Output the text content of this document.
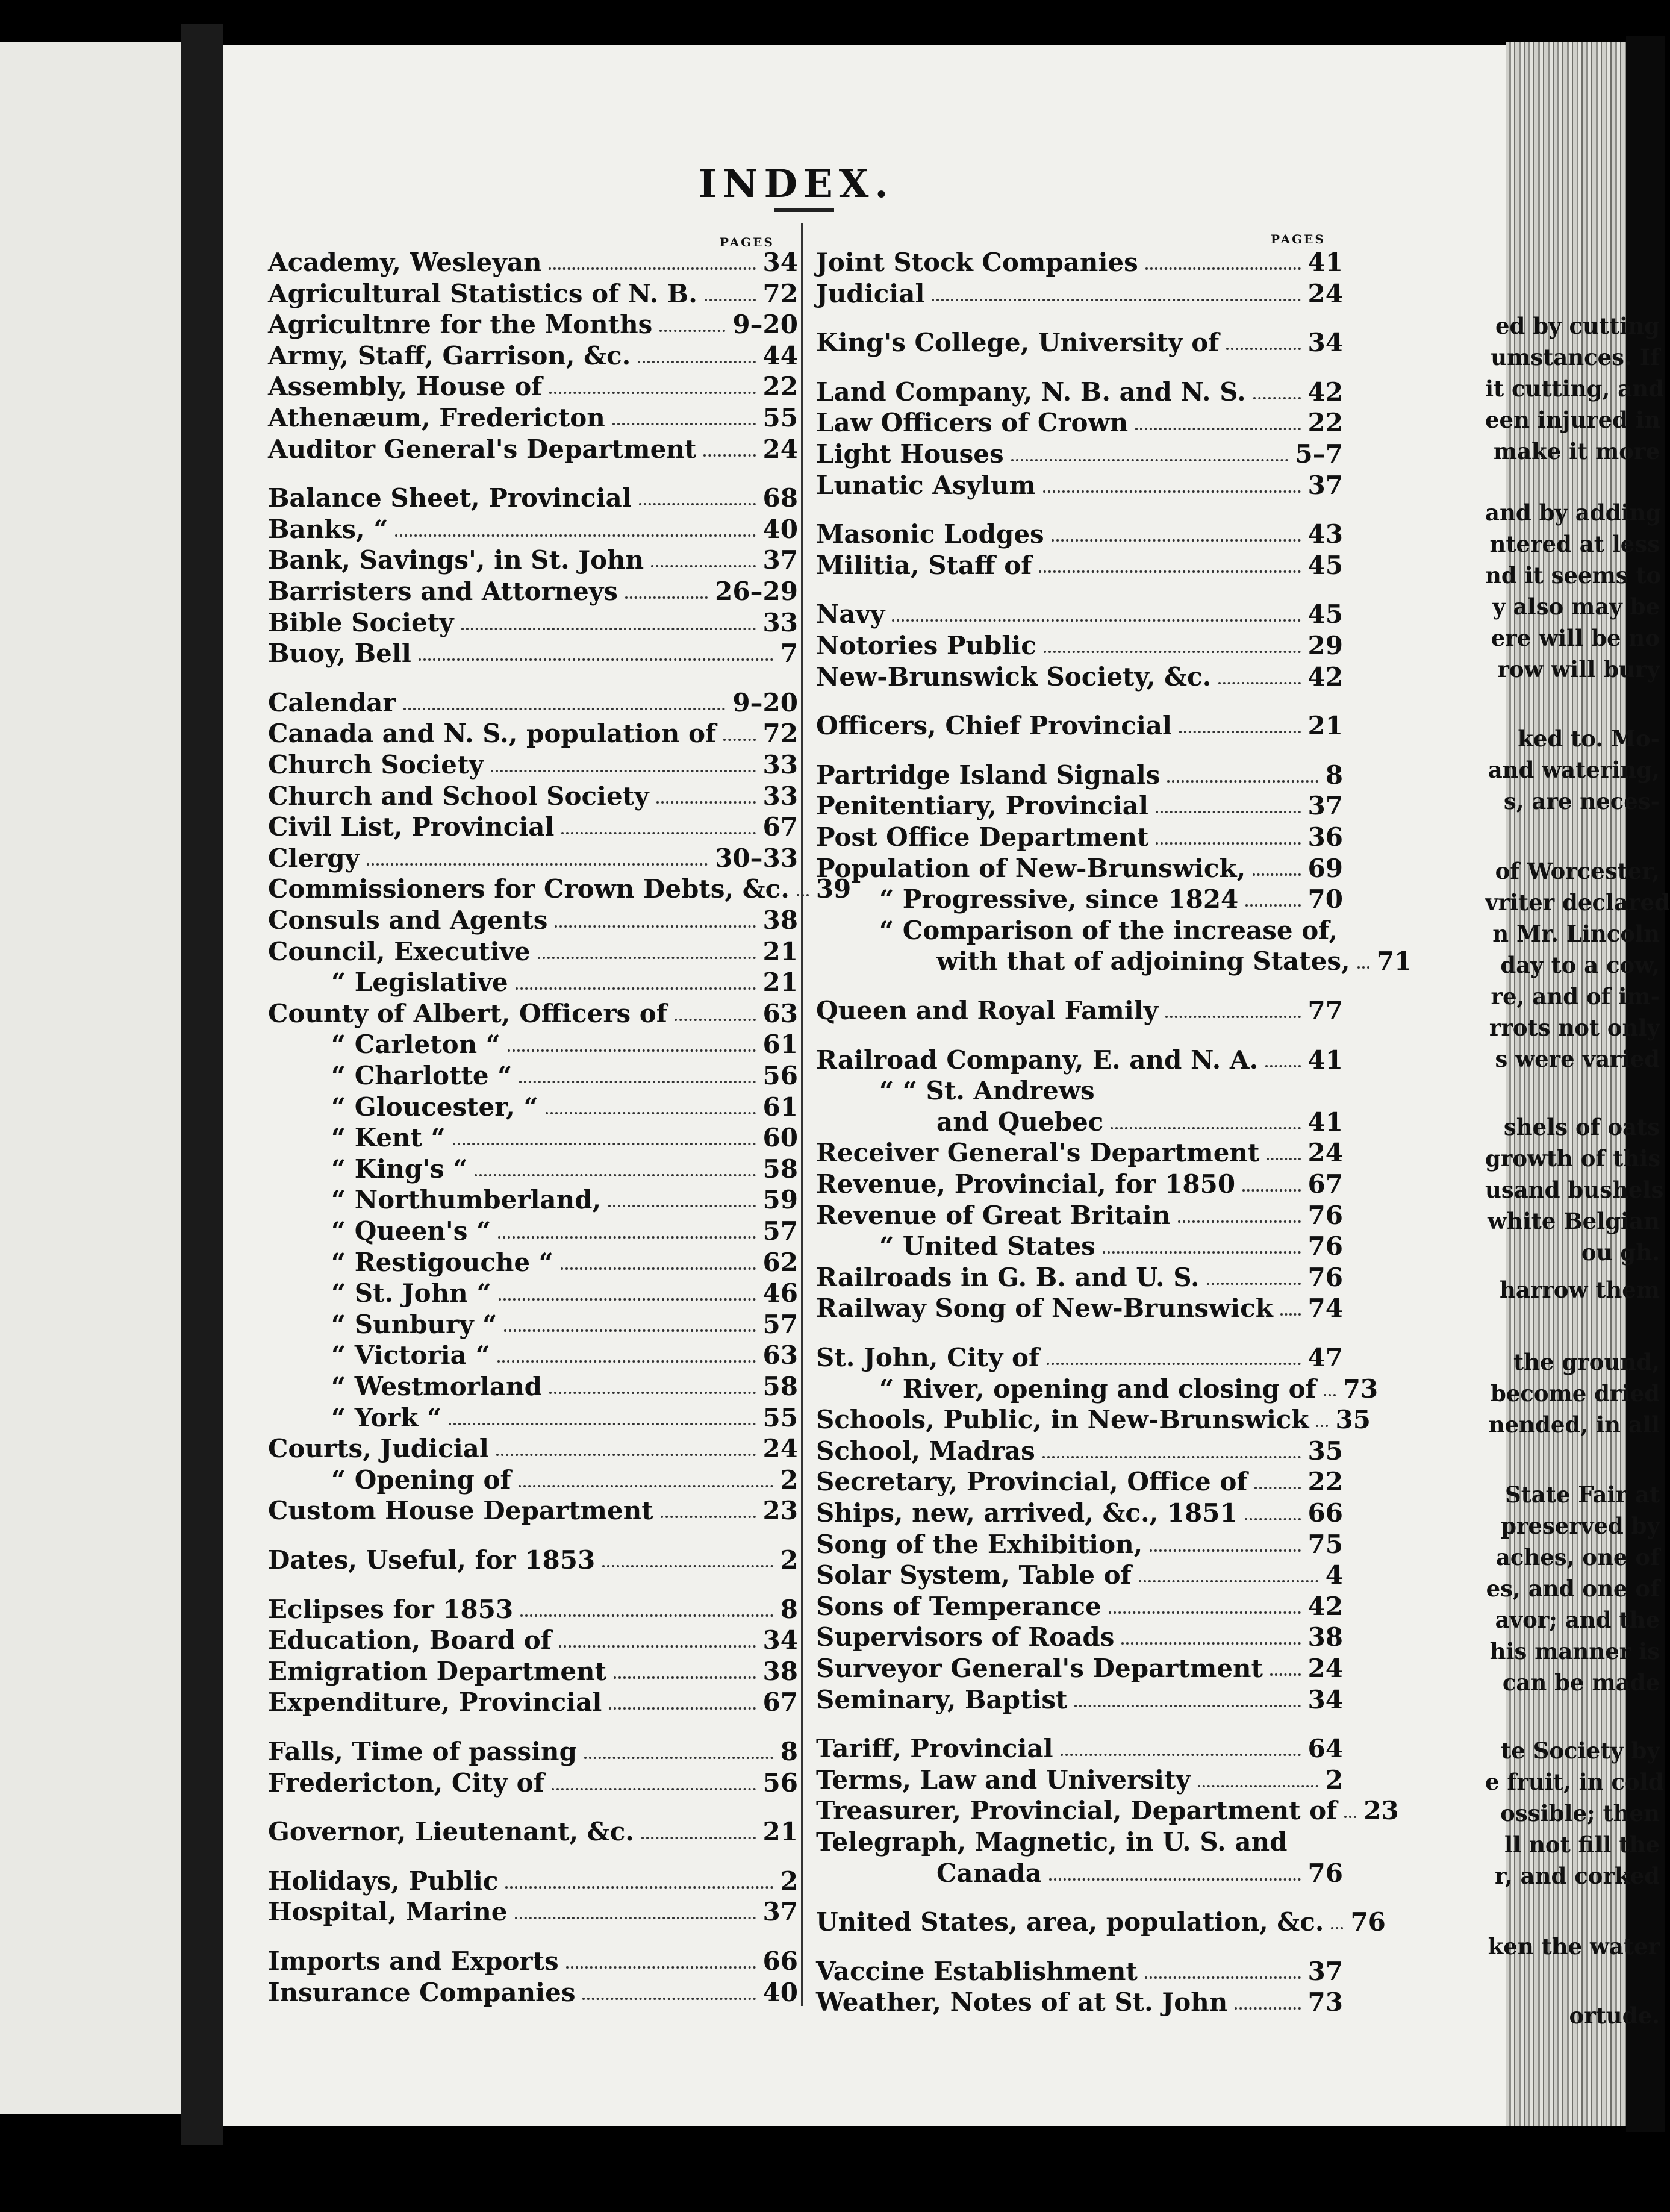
INDEX.
PAGES	PAGES
Academy, Wesleyan	34
Agricultural Statistics of N. B.	72
Agricultnre for the Months	9–20
Army, Staff, Garrison, &c.	44
Assembly, House of	22
Athenæum, Fredericton	55
Auditor General's Department	24
Balance Sheet, Provincial	68
Banks, “	40
Bank, Savings', in St. John	37
Barristers and Attorneys	26–29
Bible Society	33
Buoy, Bell	7
Calendar	9–20
Canada and N. S., population of 72
Church Society	33
Church and School Society	33
Civil List, Provincial	67
Clergy	30–33
Commissioners for Crown Debts, &c. 39
Consuls and Agents	38
Council, Executive	21
“ Legislative	21
County of Albert, Officers of	63
“ Carleton “	61
“ Charlotte “	56
“ Gloucester, “	61
“ Kent “	60
“ King's “	58
“ Northumberland,	59
“ Queen's “	57
“ Restigouche “	62
“ St. John “	46
“ Sunbury “	57
“ Victoria “	63
“ Westmorland	58
“ York “	55
Courts, Judicial	24
“ Opening of	2
Custom House Department	23
Dates, Useful, for 1853	2
Eclipses for 1853	8
Education, Board of	34
Emigration Department	38
Expenditure, Provincial	67
Falls, Time of passing	8
Fredericton, City of	56
Governor, Lieutenant, &c.	21
Holidays, Public	2
Hospital, Marine	37
Imports and Exports	66
Insurance Companies	40
Joint Stock Companies	41
Judicial	24
King's College, University of	34
Land Company, N. B. and N. S. 42
Law Officers of Crown	22
Light Houses	5–7
Lunatic Asylum	37
Masonic Lodges	43
Militia, Staff of	45
Navy	45
Notories Public	29
New-Brunswick Society, &c.	42
Officers, Chief Provincial	21
Partridge Island Signals	8
Penitentiary, Provincial	37
Post Office Department	36
Population of New-Brunswick, 69
“ Progressive, since 1824	70
“ Comparison of the increase of,
with that of adjoining States, 71
Queen and Royal Family	77
Railroad Company, E. and N. A. 41
“ “ St. Andrews
and Quebec	41
Receiver General's Department 24
Revenue, Provincial, for 1850	67
Revenue of Great Britain	76
“ United States	76
Railroads in G. B. and U. S.	76
Railway Song of New-Brunswick 74
St. John, City of	47
“ River, opening and closing of 73
Schools, Public, in New-Brunswick 35
School, Madras	35
Secretary, Provincial, Office of 22
Ships, new, arrived, &c., 1851	66
Song of the Exhibition,	75
Solar System, Table of	4
Sons of Temperance	42
Supervisors of Roads	38
Surveyor General's Department 24
Seminary, Baptist	34
Tariff, Provincial	64
Terms, Law and University	2
Treasurer, Provincial, Department of 23
Telegraph, Magnetic, in U. S. and
Canada	76
United States, area, population, &c. 76
Vaccine Establishment	37
Weather, Notes of at St. John	73
ed by cutting
umstances. If
it cutting, and
een injured in
make it more
and by adding
ntered at less
nd it seems to
y also may be
ere will be no
row will bury
ked to. Mo-
and watering,
s, are neces-
of Worcester,
vriter declared
n Mr. Lincoln
day to a cow,
re, and of im-
rrots not only
s were varied
shels of oats
growth of this
usand bushels
white Belgian
ou gh.
harrow them
the ground,
become dried
nended, in all
State Fair at
preserved by
aches, one of
es, and one of
avor; and the
his manner is
can be made
te Society by
e fruit, in cold
ossible; then
ll not fill the
r, and corked
ken the water
ortude.
